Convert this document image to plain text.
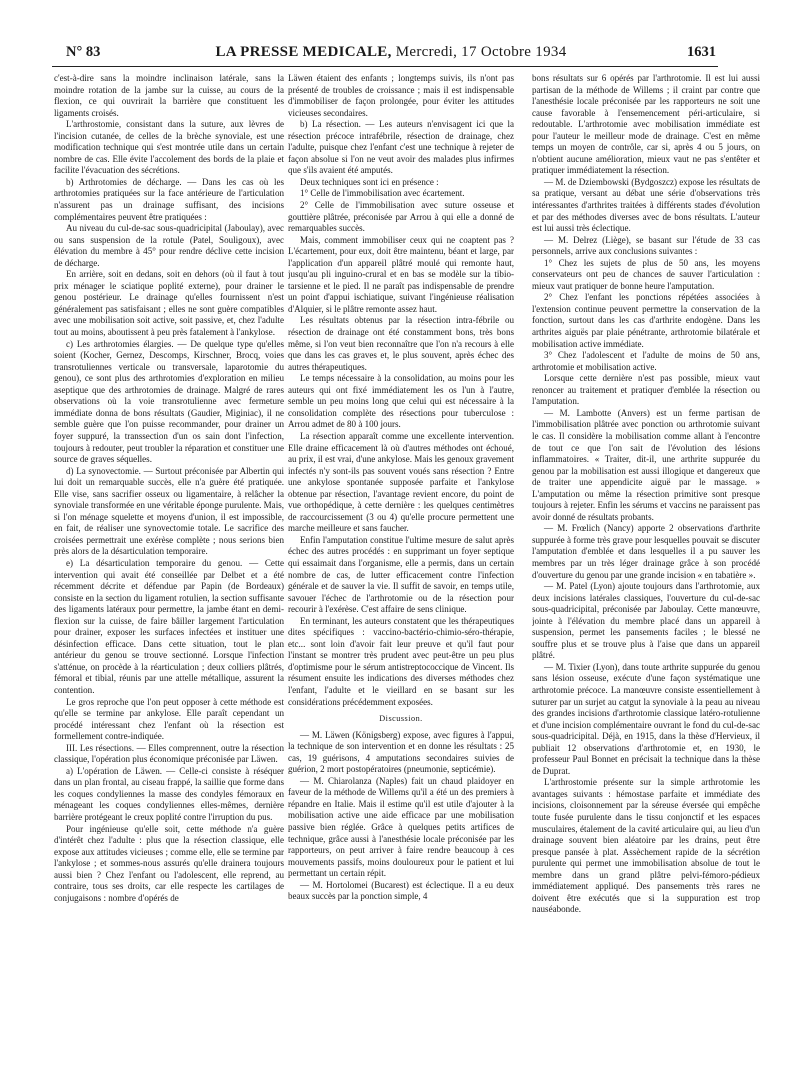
N° 83	LA PRESSE MEDICALE, Mercredi, 17 Octobre 1934	1631

c'est-à-dire sans la moindre inclinaison latérale, sans la moindre rotation de la jambe sur la cuisse, au cours de la flexion, ce qui ouvrirait la barrière que constituent les ligaments croisés.

L'arthrostomie, consistant dans la suture, aux lèvres de l'incision cutanée, de celles de la brèche synoviale, est une modification technique qui s'est montrée utile dans un certain nombre de cas. Elle évite l'accolement des bords de la plaie et facilite l'évacuation des sécrétions.

b) Arthrotomies de décharge. — Dans les cas où les arthrotomies pratiquées sur la face antérieure de l'articulation n'assurent pas un drainage suffisant, des incisions complémentaires peuvent être pratiquées :

Au niveau du cul-de-sac sous-quadricipital (Jaboulay), avec ou sans suspension de la rotule (Patel, Souligoux), avec élévation du membre à 45° pour rendre déclive cette incision de décharge.

En arrière, soit en dedans, soit en dehors (où il faut à tout prix ménager le sciatique poplité externe), pour drainer le genou postérieur. Le drainage qu'elles fournissent n'est généralement pas satisfaisant ; elles ne sont guère compatibles avec une mobilisation soit active, soit passive, et, chez l'adulte tout au moins, aboutissent à peu près fatalement à l'ankylose.

c) Les arthrotomies élargies. — De quelque type qu'elles soient (Kocher, Gernez, Descomps, Kirschner, Brocq, voies transrotuliennes verticale ou transversale, laparotomie du genou), ce sont plus des arthrotomies d'exploration en milieu aseptique que des arthrotomies de drainage. Malgré de rares observations où la voie transrotulienne avec fermeture immédiate donna de bons résultats (Gaudier, Miginiac), il ne semble guère que l'on puisse recommander, pour drainer un foyer suppuré, la transsection d'un os sain dont l'infection, toujours à redouter, peut troubler la réparation et constituer une source de graves séquelles.

d) La synovectomie. — Surtout préconisée par Albertin qui lui doit un remarquable succès, elle n'a guère été pratiquée. Elle vise, sans sacrifier osseux ou ligamentaire, à relâcher la synoviale transformée en une véritable éponge purulente. Mais, si l'on ménage squelette et moyens d'union, il est impossible, en fait, de réaliser une synovectomie totale. Le sacrifice des croisées permettrait une exérèse complète ; nous serions bien près alors de la désarticulation temporaire.

e) La désarticulation temporaire du genou. — Cette intervention qui avait été conseillée par Delbet et a été récemment décrite et défendue par Papin (de Bordeaux) consiste en la section du ligament rotulien, la section suffisante des ligaments latéraux pour permettre, la jambe étant en demi-flexion sur la cuisse, de faire bâiller largement l'articulation pour drainer, exposer les surfaces infectées et instituer une désinfection efficace. Dans cette situation, tout le plan antérieur du genou se trouve sectionné. Lorsque l'infection s'atténue, on procède à la réarticulation ; deux colliers plâtrés, fémoral et tibial, réunis par une attelle métallique, assurent la contention.

Le gros reproche que l'on peut opposer à cette méthode est qu'elle se termine par ankylose. Elle paraît cependant un procédé intéressant chez l'enfant où la résection est formellement contre-indiquée.

III. Les résections. — Elles comprennent, outre la résection classique, l'opération plus économique préconisée par Läwen.

a) L'opération de Läwen. — Celle-ci consiste à réséquer dans un plan frontal, au ciseau frappé, la saillie que forme dans les coques condyliennes la masse des condyles fémoraux en ménageant les coques condyliennes elles-mêmes, dernière barrière protégeant le creux poplité contre l'irruption du pus.

Pour ingénieuse qu'elle soit, cette méthode n'a guère d'intérêt chez l'adulte : plus que la résection classique, elle expose aux attitudes vicieuses ; comme elle, elle se termine par l'ankylose ; et sommes-nous assurés qu'elle drainera toujours aussi bien ? Chez l'enfant ou l'adolescent, elle reprend, au contraire, tous ses droits, car elle respecte les cartilages de conjugaisons : nombre d'opérés de

Läwen étaient des enfants ; longtemps suivis, ils n'ont pas présenté de troubles de croissance ; mais il est indispensable d'immobiliser de façon prolongée, pour éviter les attitudes vicieuses secondaires.

b) La résection. — Les auteurs n'envisagent ici que la résection précoce intrafébrile, résection de drainage, chez l'adulte, puisque chez l'enfant c'est une technique à rejeter de façon absolue si l'on ne veut avoir des malades plus infirmes que s'ils avaient été amputés.

Deux techniques sont ici en présence :

1° Celle de l'immobilisation avec écartement.

2° Celle de l'immobilisation avec suture osseuse et gouttière plâtrée, préconisée par Arrou à qui elle a donné de remarquables succès.

Mais, comment immobiliser ceux qui ne coaptent pas ? L'écartement, pour eux, doit être maintenu, béant et large, par l'application d'un appareil plâtré moulé qui remonte haut, jusqu'au pli inguino-crural et en bas se modèle sur la tibio-tarsienne et le pied. Il ne paraît pas indispensable de prendre un point d'appui ischiatique, suivant l'ingénieuse réalisation d'Alquier, si le plâtre remonte assez haut.

Les résultats obtenus par la résection intra-fébrile ou résection de drainage ont été constamment bons, très bons même, si l'on veut bien reconnaître que l'on n'a recours à elle que dans les cas graves et, le plus souvent, après échec des autres thérapeutiques.

Le temps nécessaire à la consolidation, au moins pour les auteurs qui ont fixé immédiatement les os l'un à l'autre, semble un peu moins long que celui qui est nécessaire à la consolidation complète des résections pour tuberculose : Arrou admet de 80 à 100 jours.

La résection apparaît comme une excellente intervention. Elle draine efficacement là où d'autres méthodes ont échoué, au prix, il est vrai, d'une ankylose. Mais les genoux gravement infectés n'y sont-ils pas souvent voués sans résection ? Entre une ankylose spontanée supposée parfaite et l'ankylose obtenue par résection, l'avantage revient encore, du point de vue orthopédique, à cette dernière : les quelques centimètres de raccourcissement (3 ou 4) qu'elle procure permettent une marche meilleure et sans faucher.

Enfin l'amputation constitue l'ultime mesure de salut après échec des autres procédés : en supprimant un foyer septique qui essaimait dans l'organisme, elle a permis, dans un certain nombre de cas, de lutter efficacement contre l'infection générale et de sauver la vie. Il suffit de savoir, en temps utile, savouer l'échec de l'arthrotomie ou de la résection pour recourir à l'exérèse. C'est affaire de sens clinique.

En terminant, les auteurs constatent que les thérapeutiques dites spécifiques : vaccino-bactério-chimio-séro-thérapie, etc... sont loin d'avoir fait leur preuve et qu'il faut pour l'instant se montrer très prudent avec peut-être un peu plus d'optimisme pour le sérum antistreptococcique de Vincent. Ils résument ensuite les indications des diverses méthodes chez l'enfant, l'adulte et le vieillard en se basant sur les considérations précédemment exposées.

Discussion.

— M. Läwen (Königsberg) expose, avec figures à l'appui, la technique de son intervention et en donne les résultats : 25 cas, 19 guérisons, 4 amputations secondaires suivies de guérion, 2 mort postopératoires (pneumonie, septicémie).

— M. Chiarolanza (Naples) fait un chaud plaidoyer en faveur de la méthode de Willems qu'il a été un des premiers à répandre en Italie. Mais il estime qu'il est utile d'ajouter à la mobilisation active une aide efficace par une mobilisation passive bien réglée. Grâce à quelques petits artifices de technique, grâce aussi à l'anesthésie locale préconisée par les rapporteurs, on peut arriver à faire rendre beaucoup à ces mouvements passifs, moins douloureux pour le patient et lui permettant un certain répit.

— M. Hortolomei (Bucarest) est éclectique. Il a eu deux beaux succès par la ponction simple, 4

bons résultats sur 6 opérés par l'arthrotomie. Il est lui aussi partisan de la méthode de Willems ; il craint par contre que l'anesthésie locale préconisée par les rapporteurs ne soit une cause favorable à l'ensemencement péri-articulaire, si redoutable. L'arthrotomie avec mobilisation immédiate est pour l'auteur le meilleur mode de drainage. C'est en même temps un moyen de contrôle, car si, après 4 ou 5 jours, on n'obtient aucune amélioration, mieux vaut ne pas s'entêter et pratiquer immédiatement la résection.

— M. de Dziembowski (Bydgoszcz) expose les résultats de sa pratique, versant au débat une série d'observations très intéressantes d'arthrites traitées à différents stades d'évolution et par des méthodes diverses avec de bons résultats. L'auteur est lui aussi très éclectique.

— M. Delrez (Liège), se basant sur l'étude de 33 cas personnels, arrive aux conclusions suivantes :

1° Chez les sujets de plus de 50 ans, les moyens conservateurs ont peu de chances de sauver l'articulation : mieux vaut pratiquer de bonne heure l'amputation.

2° Chez l'enfant les ponctions répétées associées à l'extension continue peuvent permettre la conservation de la fonction, surtout dans les cas d'arthrite endogène. Dans les arthrites aiguës par plaie pénétrante, arthrotomie bilatérale et mobilisation active immédiate.

3° Chez l'adolescent et l'adulte de moins de 50 ans, arthrotomie et mobilisation active.

Lorsque cette dernière n'est pas possible, mieux vaut renoncer au traitement et pratiquer d'emblée la résection ou l'amputation.

— M. Lambotte (Anvers) est un ferme partisan de l'immobilisation plâtrée avec ponction ou arthrotomie suivant le cas. Il considère la mobilisation comme allant à l'encontre de tout ce que l'on sait de l'évolution des lésions inflammatoires. « Traiter, dit-il, une arthrite suppurée du genou par la mobilisation est aussi illogique et dangereux que de traiter une appendicite aiguë par le massage. » L'amputation ou même la résection primitive sont presque toujours à rejeter. Enfin les sérums et vaccins ne paraissent pas avoir donné de résultats probants.

— M. Frœlich (Nancy) apporte 2 observations d'arthrite suppurée à forme très grave pour lesquelles pouvait se discuter l'amputation d'emblée et dans lesquelles il a pu sauver les membres par un très léger drainage grâce à son procédé d'ouverture du genou par une grande incision « en tabatière ».

— M. Patel (Lyon) ajoute toujours dans l'arthrotomie, aux deux incisions latérales classiques, l'ouverture du cul-de-sac sous-quadricipital, préconisée par Jaboulay. Cette manœuvre, jointe à l'élévation du membre placé dans un appareil à suspension, permet les pansements faciles ; le blessé ne souffre plus et se trouve plus à l'aise que dans un appareil plâtré.

— M. Tixier (Lyon), dans toute arthrite suppurée du genou sans lésion osseuse, exécute d'une façon systématique une arthrotomie précoce. La manœuvre consiste essentiellement à suturer par un surjet au catgut la synoviale à la peau au niveau des grandes incisions d'arthrotomie classique latéro-rotulienne et d'une incision complémentaire ouvrant le fond du cul-de-sac sous-quadricipital. Déjà, en 1915, dans la thèse d'Hervieux, il publiait 12 observations d'arthrotomie et, en 1930, le professeur Paul Bonnet en précisait la technique dans la thèse de Duprat.

L'arthrostomie présente sur la simple arthrotomie les avantages suivants : hémostase parfaite et immédiate des incisions, cloisonnement par la séreuse éversée qui empêche toute fusée purulente dans le tissu conjonctif et les espaces musculaires, étalement de la cavité articulaire qui, au lieu d'un drainage souvent bien aléatoire par les drains, peut être presque pansée à plat. Assèchement rapide de la sécrétion purulente qui permet une immobilisation absolue de tout le membre dans un grand plâtre pelvi-fémoro-pédieux immédiatement appliqué. Des pansements très rares ne doivent être exécutés que si la suppuration est trop nauséabonde.
